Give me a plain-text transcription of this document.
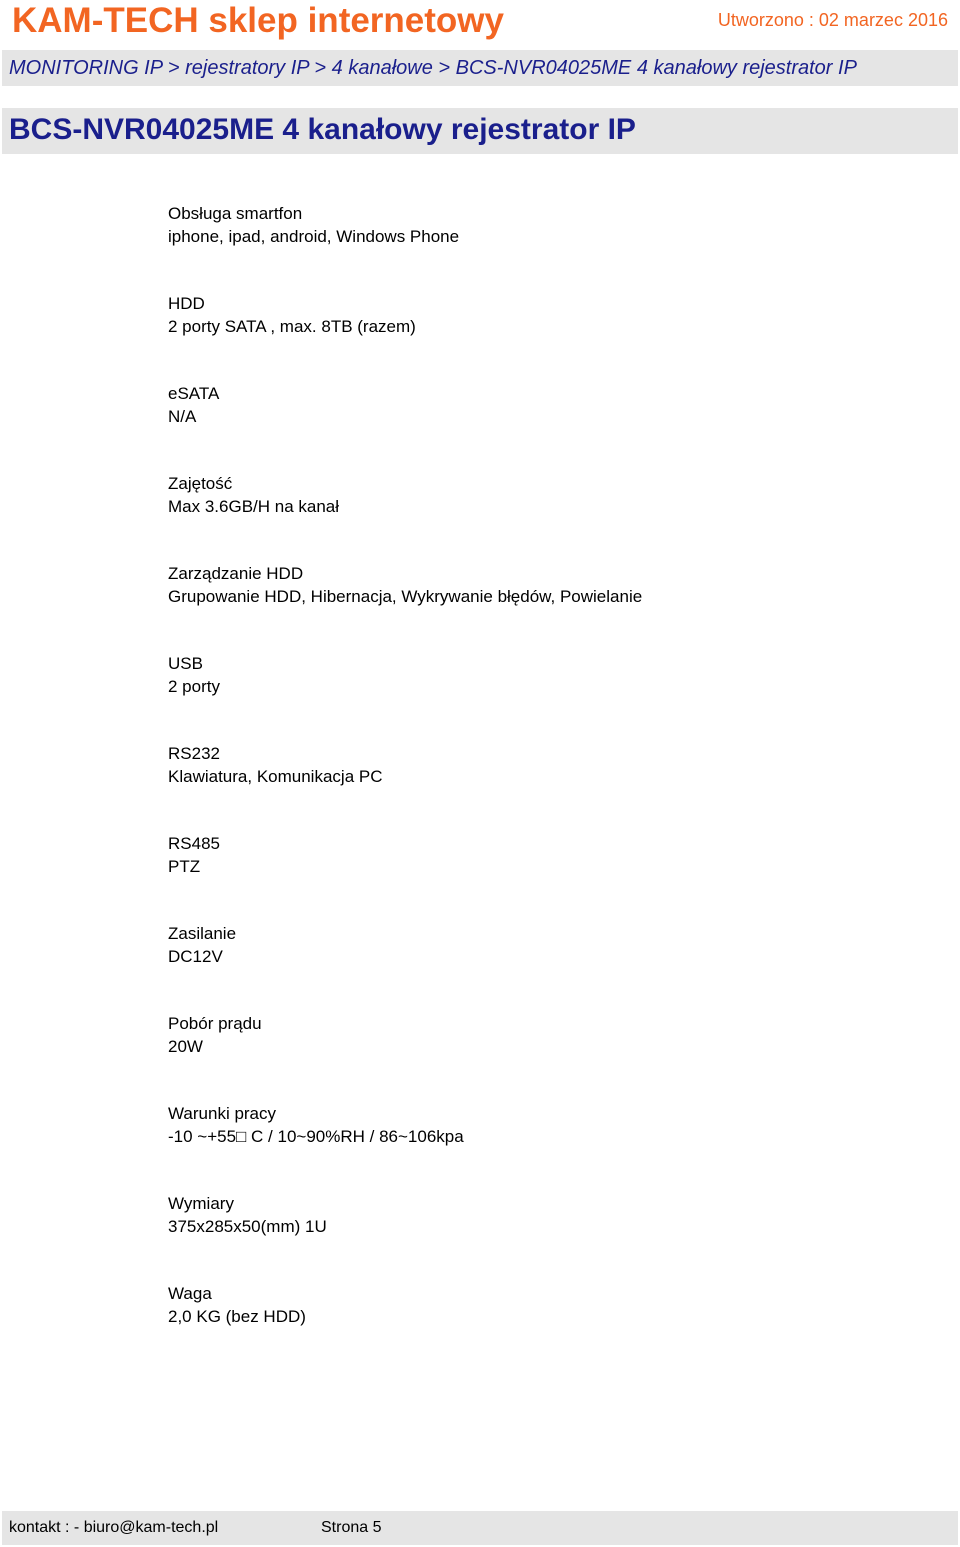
KAM-TECH sklep internetowy	Utworzono : 02 marzec 2016
MONITORING IP > rejestratory IP > 4 kanałowe > BCS-NVR04025ME 4 kanałowy rejestrator IP
BCS-NVR04025ME 4 kanałowy rejestrator IP
Obsługa smartfon
iphone, ipad, android, Windows Phone
HDD
2 porty SATA , max. 8TB (razem)
eSATA
N/A
Zajętość
Max 3.6GB/H na kanał
Zarządzanie HDD
Grupowanie HDD, Hibernacja, Wykrywanie błędów, Powielanie
USB
2 porty
RS232
Klawiatura, Komunikacja PC
RS485
PTZ
Zasilanie
DC12V
Pobór prądu
20W
Warunki pracy
-10 ~+55□ C / 10~90%RH / 86~106kpa
Wymiary
375x285x50(mm) 1U
Waga
2,0 KG (bez HDD)
kontakt : - biuro@kam-tech.pl	Strona 5
